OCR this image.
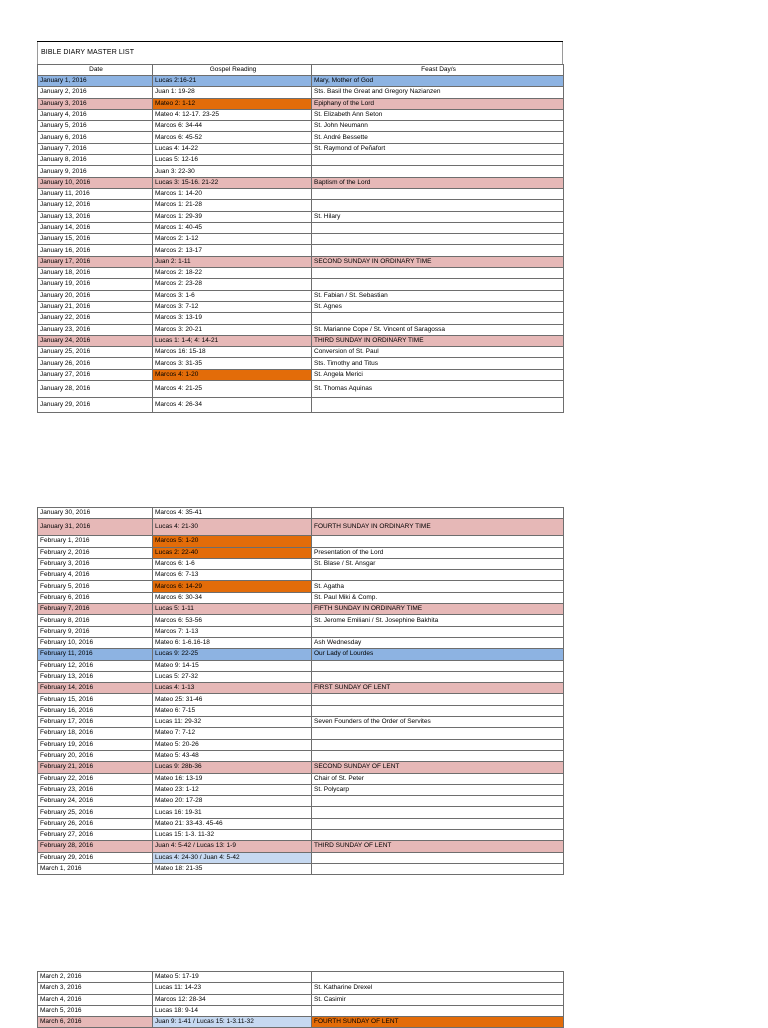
BIBLE DIARY MASTER LIST
Date	Gospel Reading	Feast Day/s
January 1, 2016	Lucas 2:16-21	Mary, Mother of God
January 2, 2016	Juan 1: 19-28	Sts. Basil the Great and Gregory Nazianzen
January 3, 2016	Mateo 2: 1-12	Epiphany of the Lord
January 4, 2016	Mateo 4: 12-17. 23-25	St. Elizabeth Ann Seton
January 5, 2016	Marcos 6: 34-44	St. John Neumann
January 6, 2016	Marcos 6: 45-52	St. André Bessette
January 7, 2016	Lucas 4: 14-22	St. Raymond of Peñafort
January 8, 2016	Lucas 5: 12-16	
January 9, 2016	Juan 3: 22-30	
January 10, 2016	Lucas 3: 15-16. 21-22	Baptism of the Lord
January 11, 2016	Marcos 1: 14-20	
January 12, 2016	Marcos 1: 21-28	
January 13, 2016	Marcos 1: 29-39	St. Hilary
January 14, 2016	Marcos 1: 40-45	
January 15, 2016	Marcos 2: 1-12	
January 16, 2016	Marcos 2: 13-17	
January 17, 2016	Juan 2: 1-11	SECOND SUNDAY IN ORDINARY TIME
January 18, 2016	Marcos 2: 18-22	
January 19, 2016	Marcos 2: 23-28	
January 20, 2016	Marcos 3: 1-6	St. Fabian / St. Sebastian
January 21, 2016	Marcos 3: 7-12	St. Agnes
January 22, 2016	Marcos 3: 13-19	
January 23, 2016	Marcos 3: 20-21	St. Marianne Cope / St. Vincent of Saragossa
January 24, 2016	Lucas 1: 1-4; 4: 14-21	THIRD SUNDAY IN ORDINARY TIME
January 25, 2016	Marcos 16: 15-18	Conversion of St. Paul
January 26, 2016	Marcos 3: 31-35	Sts. Timothy and Titus
January 27, 2016	Marcos 4: 1-20	St. Angela Merici
January 28, 2016	Marcos 4: 21-25	St. Thomas Aquinas
January 29, 2016	Marcos 4: 26-34	
January 30, 2016	Marcos 4: 35-41	
January 31, 2016	Lucas 4: 21-30	FOURTH SUNDAY IN ORDINARY TIME
February 1, 2016	Marcos 5: 1-20	
February 2, 2016	Lucas 2: 22-40	Presentation of the Lord
February 3, 2016	Marcos 6: 1-6	St. Blase / St. Ansgar
February 4, 2016	Marcos 6: 7-13	
February 5, 2016	Marcos 6: 14-29	St. Agatha
February 6, 2016	Marcos 6: 30-34	St. Paul Miki & Comp.
February 7, 2016	Lucas 5: 1-11	FIFTH SUNDAY IN ORDINARY TIME
February 8, 2016	Marcos 6: 53-56	St. Jerome Emiliani / St. Josephine Bakhita
February 9, 2016	Marcos 7: 1-13	
February 10, 2016	Mateo 6: 1-6.16-18	Ash Wednesday
February 11, 2016	Lucas 9: 22-25	Our Lady of Lourdes
February 12, 2016	Mateo 9: 14-15	
February 13, 2016	Lucas 5: 27-32	
February 14, 2016	Lucas 4: 1-13	FIRST SUNDAY OF LENT
February 15, 2016	Mateo 25: 31-46	
February 16, 2016	Mateo 6: 7-15	
February 17, 2016	Lucas 11: 29-32	Seven Founders of the Order of Servites
February 18, 2016	Mateo 7: 7-12	
February 19, 2016	Mateo 5: 20-26	
February 20, 2016	Mateo 5: 43-48	
February 21, 2016	Lucas 9: 28b-36	SECOND SUNDAY OF LENT
February 22, 2016	Mateo 16: 13-19	Chair of St. Peter
February 23, 2016	Mateo 23: 1-12	St. Polycarp
February 24, 2016	Mateo 20: 17-28	
February 25, 2016	Lucas 16: 19-31	
February 26, 2016	Mateo 21: 33-43. 45-46	
February 27, 2016	Lucas 15: 1-3. 11-32	
February 28, 2016	Juan 4: 5-42 / Lucas 13: 1-9	THIRD SUNDAY OF LENT
February 29, 2016	Lucas 4: 24-30 / Juan 4: 5-42	
March 1, 2016	Mateo 18: 21-35	
March 2, 2016	Mateo 5: 17-19	
March 3, 2016	Lucas 11: 14-23	St. Katharine Drexel
March 4, 2016	Marcos 12: 28-34	St. Casimir
March 5, 2016	Lucas 18: 9-14	
March 6, 2016	Juan 9: 1-41 / Lucas 15: 1-3.11-32	FOURTH SUNDAY OF LENT
